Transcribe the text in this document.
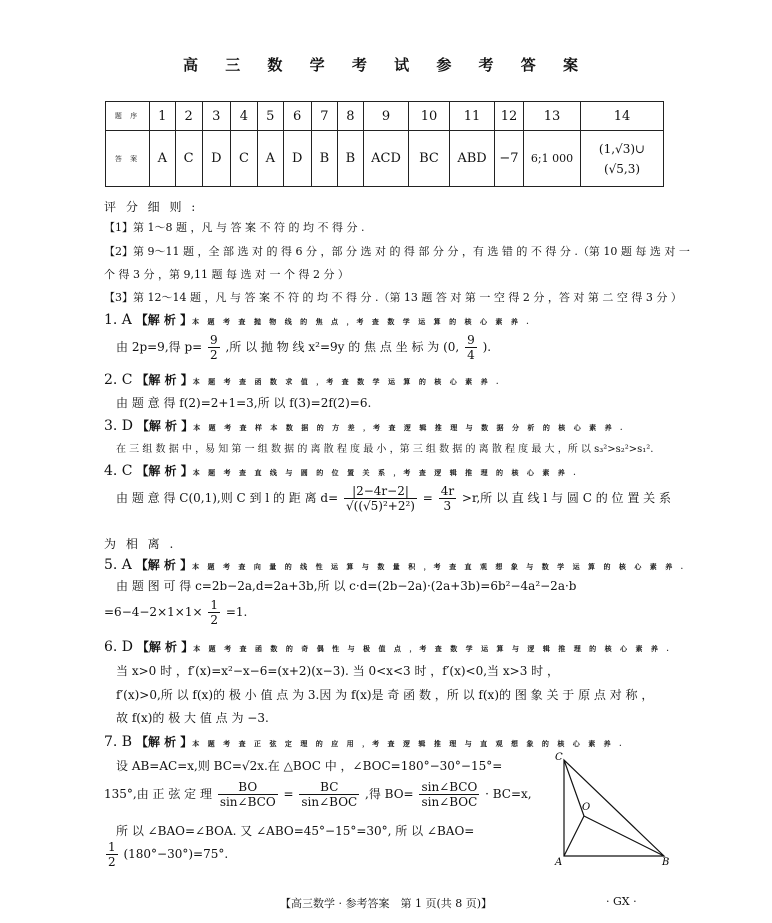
高 三 数 学 考 试 参 考 答 案
题 序	1	2	3	4	5	6	7	8	9	10	11	12	13	14
答 案	A	C	D	C	A	D	B	B	ACD	BC	ABD	−7	6;1 000	(1,√3)∪
(√5,3)
评 分 细 则 :
【1】第 1～8 题 ，凡 与 答 案 不 符 的 均 不 得 分 .
【2】第 9～11 题 ，全 部 选 对 的 得 6 分 ，部 分 选 对 的 得 部 分 分 ，有 选 错 的 不 得 分 .（第 10 题 每 选 对 一
个 得 3 分 ，第 9,11 题 每 选 对 一 个 得 2 分 ）
【3】第 12～14 题 ，凡 与 答 案 不 符 的 均 不 得 分 .（第 13 题 答 对 第 一 空 得 2 分 ，答 对 第 二 空 得 3 分 ）
1. A 【解 析 】本 题 考 查 抛 物 线 的 焦 点 ，考 查 数 学 运 算 的 核 心 素 养 .
由 2p=9,得 $p= \frac{9}{2}$ ,所 以 抛 物 线 x²=9y 的 焦 点 坐 标 为 (0, $\frac{9}{4}$ ).
2. C 【解 析 】本 题 考 查 函 数 求 值 ，考 查 数 学 运 算 的 核 心 素 养 .
由 题 意 得 f(2)=2+1=3,所 以 f(3)=2f(2)=6.
3. D 【解 析 】本 题 考 查 样 本 数 据 的 方 差 ，考 查 逻 辑 推 理 与 数 据 分 析 的 核 心 素 养 .
在 三 组 数 据 中 ，易 知 第 一 组 数 据 的 离 散 程 度 最 小 ，第 三 组 数 据 的 离 散 程 度 最 大 ，所 以 s₃²>s₂²>s₁².
4. C 【解 析 】本 题 考 查 直 线 与 圆 的 位 置 关 系 ，考 查 逻 辑 推 理 的 核 心 素 养 .
由 题 意 得 C(0,1),则 C 到 l 的 距 离 $d= \frac{|2-4r-2|}{\text{√((√5)²+2²)}} = \frac{4r}{3} >r$,所 以 直 线 l 与 圆 C 的 位 置 关 系
为 相 离 .
5. A 【解 析 】本 题 考 查 向 量 的 线 性 运 算 与 数 量 积 ，考 查 直 观 想 象 与 数 学 运 算 的 核 心 素 养 .
由 题 图 可 得 c=2b−2a,d=2a+3b,所 以 c·d=(2b−2a)·(2a+3b)=6b²−4a²−2a·b
$=6-4-2\times 1\times 1\times \frac{1}{2} =1$.
6. D 【解 析 】本 题 考 查 函 数 的 奇 偶 性 与 极 值 点 ，考 查 数 学 运 算 与 逻 辑 推 理 的 核 心 素 养 .
当 x>0 时 ，f′(x)=x²−x−6=(x+2)(x−3). 当 0<x<3 时 ，f′(x)<0,当 x>3 时 ，
f′(x)>0,所 以 f(x)的 极 小 值 点 为 3.因 为 f(x)是 奇 函 数 ，所 以 f(x)的 图 象 关 于 原 点 对 称 ，
故 f(x)的 极 大 值 点 为 −3.
7. B 【解 析 】本 题 考 查 正 弦 定 理 的 应 用 ，考 查 逻 辑 推 理 与 直 观 想 象 的 核 心 素 养 .
设 AB=AC=x,则 BC=√2x.在 △BOC 中 ，∠BOC=180°−30°−15°=
135°,由 正 弦 定 理 $\frac{BO}{\text{sin∠BCO}} = \frac{BC}{\text{sin∠BOC}}$ ,得 $BO= \frac{\text{sin∠BCO}}{\text{sin∠BOC}} \cdot BC=x$,
所 以 ∠BAO=∠BOA. 又 ∠ABO=45°−15°=30°, 所 以 ∠BAO=
$\frac{1}{2} (180^\circ-30^\circ)=75^\circ$.
C
O
A	B
【高三数学 · 参考答案　第 1 页(共 8 页)】	· GX ·
